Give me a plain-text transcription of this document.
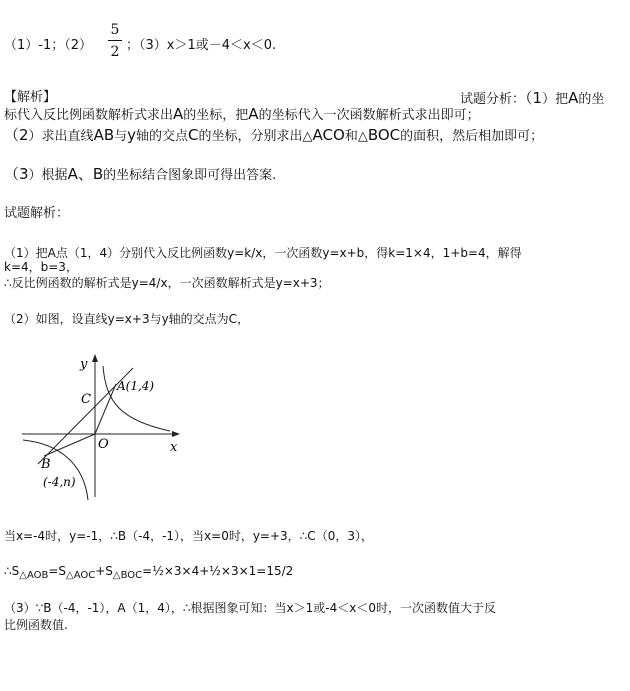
（1）-1；（2）
5
2 ；（3）x＞1或－4＜x＜0.
【解析】	试题分析：（1）把A的坐
标代入反比例函数解析式求出A的坐标，把A的坐标代入一次函数解析式求出即可；
（2）求出直线AB与y轴的交点C的坐标，分别求出△ACO和△BOC的面积，然后相加即可；
（3）根据A、B的坐标结合图象即可得出答案.
试题解析：
（1）把A点（1，4）分别代入反比例函数y=k/x，一次函数y=x+b，得k=1×4，1+b=4，解得
k=4，b=3，
∴反比例函数的解析式是y=4/x，一次函数解析式是y=x+3；
（2）如图，设直线y=x+3与y轴的交点为C，
y
x
O
C
A(1,4)
B
(-4,n)
当x=-4时，y=-1，∴B（-4，-1），当x=0时，y=+3，∴C（0，3），
$\therefore S_{\triangle AOB}=S_{\triangle AOC}+S_{\triangle BOC}=\frac{1}{2}\times 3\times 4+\frac{1}{2}\times 3\times 1=15/2$
（3）∵B（-4，-1），A（1，4），∴根据图象可知：当x＞1或-4＜x＜0时，一次函数值大于反
比例函数值.
